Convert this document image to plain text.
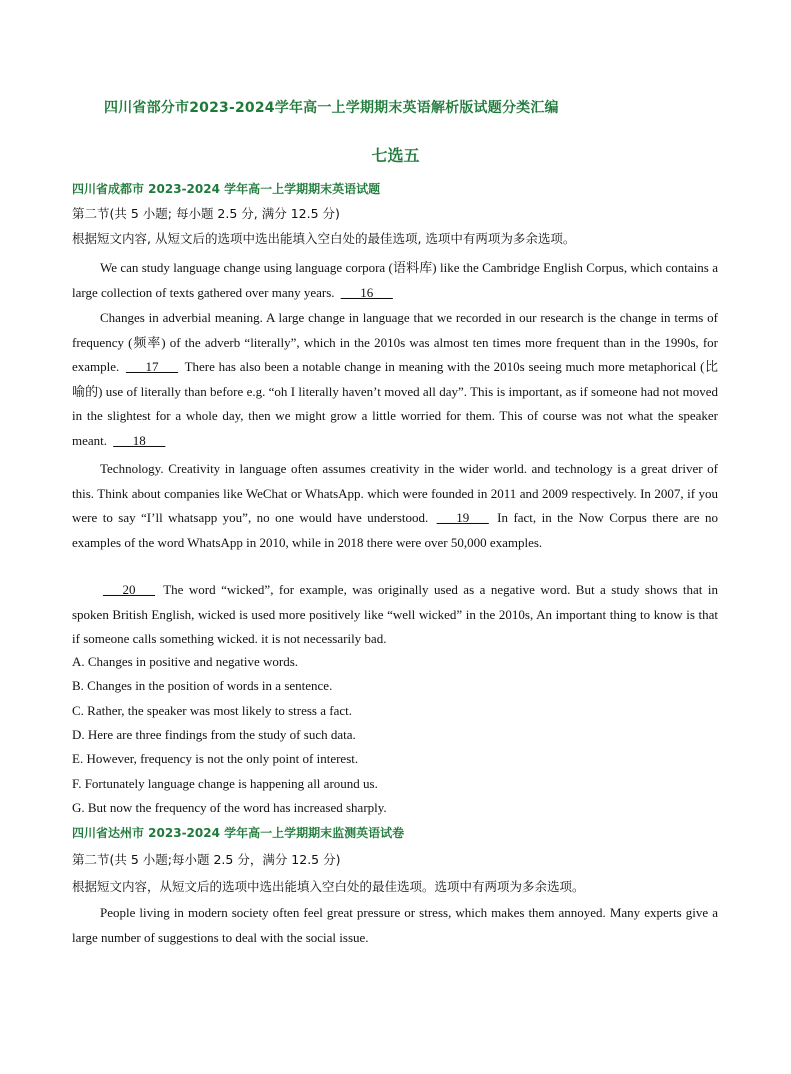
四川省部分市2023-2024学年高一上学期期末英语解析版试题分类汇编
七选五
四川省成都市 2023-2024 学年高一上学期期末英语试题
第二节(共 5 小题; 每小题 2.5 分, 满分 12.5 分)
根据短文内容, 从短文后的选项中选出能填入空白处的最佳选项, 选项中有两项为多余选项。
We can study language change using language corpora (语料库) like the Cambridge English Corpus, which contains a large collection of texts gathered over many years. ___16___
Changes in adverbial meaning. A large change in language that we recorded in our research is the change in terms of frequency (频率) of the adverb “literally”, which in the 2010s was almost ten times more frequent than in the 1990s, for example. ___17___ There has also been a notable change in meaning with the 2010s seeing much more metaphorical (比喻的) use of literally than before e.g. “oh I literally haven’t moved all day”. This is important, as if someone had not moved in the slightest for a whole day, then we might grow a little worried for them. This of course was not what the speaker meant. ___18___
Technology. Creativity in language often assumes creativity in the wider world. and technology is a great driver of this. Think about companies like WeChat or WhatsApp. which were founded in 2011 and 2009 respectively. In 2007, if you were to say “I’ll whatsapp you”, no one would have understood. ___19___ In fact, in the Now Corpus there are no examples of the word WhatsApp in 2010, while in 2018 there were over 50,000 examples.
___20___ The word “wicked”, for example, was originally used as a negative word. But a study shows that in spoken British English, wicked is used more positively like “well wicked” in the 2010s, An important thing to know is that if someone calls something wicked. it is not necessarily bad.
A. Changes in positive and negative words.
B. Changes in the position of words in a sentence.
C. Rather, the speaker was most likely to stress a fact.
D. Here are three findings from the study of such data.
E. However, frequency is not the only point of interest.
F. Fortunately language change is happening all around us.
G. But now the frequency of the word has increased sharply.
四川省达州市 2023-2024 学年高一上学期期末监测英语试卷
第二节(共 5 小题;每小题 2.5 分，满分 12.5 分)
根据短文内容，从短文后的选项中选出能填入空白处的最佳选项。选项中有两项为多余选项。
People living in modern society often feel great pressure or stress, which makes them annoyed. Many experts give a large number of suggestions to deal with the social issue.
